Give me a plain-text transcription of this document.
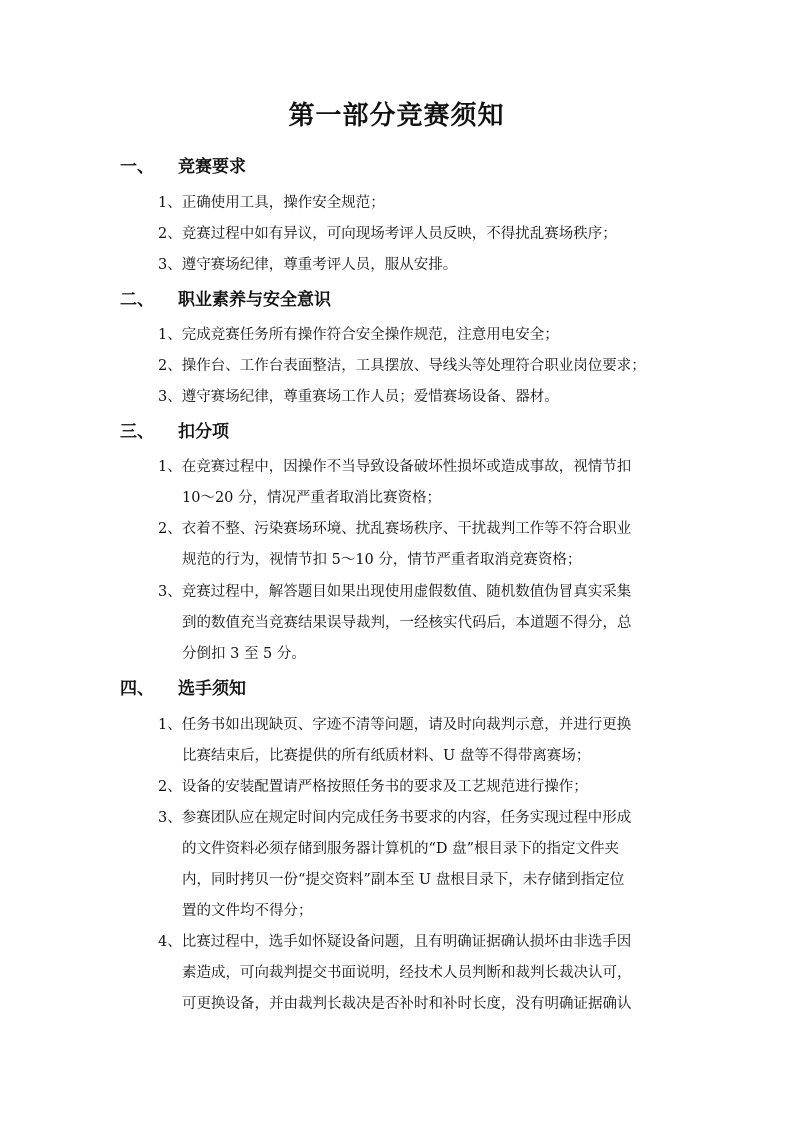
第一部分竞赛须知
一、 竞赛要求
1、正确使用工具，操作安全规范；
2、竞赛过程中如有异议，可向现场考评人员反映，不得扰乱赛场秩序；
3、遵守赛场纪律，尊重考评人员，服从安排。
二、 职业素养与安全意识
1、完成竞赛任务所有操作符合安全操作规范，注意用电安全；
2、操作台、工作台表面整洁，工具摆放、导线头等处理符合职业岗位要求；
3、遵守赛场纪律，尊重赛场工作人员；爱惜赛场设备、器材。
三、 扣分项
1、在竞赛过程中，因操作不当导致设备破坏性损坏或造成事故，视情节扣
10～20 分，情况严重者取消比赛资格；
2、衣着不整、污染赛场环境、扰乱赛场秩序、干扰裁判工作等不符合职业
规范的行为，视情节扣 5～10 分，情节严重者取消竞赛资格；
3、竞赛过程中，解答题目如果出现使用虚假数值、随机数值伪冒真实采集
到的数值充当竞赛结果误导裁判，一经核实代码后，本道题不得分，总
分倒扣 3 至 5 分。
四、 选手须知
1、任务书如出现缺页、字迹不清等问题，请及时向裁判示意，并进行更换
比赛结束后，比赛提供的所有纸质材料、U 盘等不得带离赛场；
2、设备的安装配置请严格按照任务书的要求及工艺规范进行操作；
3、参赛团队应在规定时间内完成任务书要求的内容，任务实现过程中形成
的文件资料必须存储到服务器计算机的“D 盘”根目录下的指定文件夹
内，同时拷贝一份“提交资料”副本至 U 盘根目录下，未存储到指定位
置的文件均不得分；
4、比赛过程中，选手如怀疑设备问题，且有明确证据确认损坏由非选手因
素造成，可向裁判提交书面说明，经技术人员判断和裁判长裁决认可，
可更换设备，并由裁判长裁决是否补时和补时长度，没有明确证据确认
